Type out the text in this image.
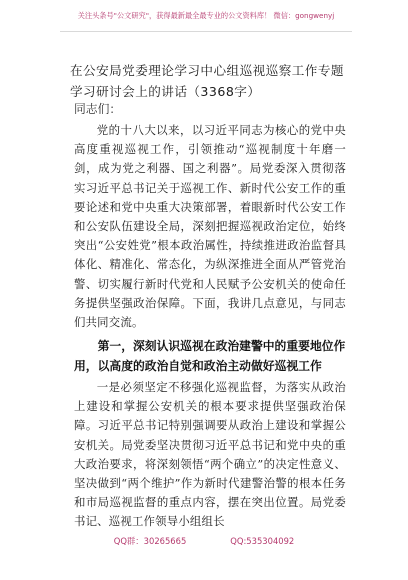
关注头条号"公文研究"，获得最新最全最专业的公文资料库！ 微信：gongwenyj
在公安局党委理论学习中心组巡视巡察工作专题学习研讨会上的讲话（3368字）
同志们：

党的十八大以来，以习近平同志为核心的党中央高度重视巡视工作，引领推动“巡视制度十年磨一剑，成为党之利器、国之利器”。局党委深入贯彻落实习近平总书记关于巡视工作、新时代公安工作的重要论述和党中央重大决策部署，着眼新时代公安工作和公安队伍建设全局，深刻把握巡视政治定位，始终突出“公安姓党”根本政治属性，持续推进政治监督具体化、精准化、常态化，为纵深推进全面从严管党治警、切实履行新时代党和人民赋予公安机关的使命任务提供坚强政治保障。下面，我讲几点意见，与同志们共同交流。

第一，深刻认识巡视在政治建警中的重要地位作用，以高度的政治自觉和政治主动做好巡视工作

一是必须坚定不移强化巡视监督，为落实从政治上建设和掌握公安机关的根本要求提供坚强政治保障。习近平总书记特别强调要从政治上建设和掌握公安机关。局党委坚决贯彻习近平总书记和党中央的重大政治要求，将深刻领悟“两个确立”的决定性意义、坚决做到“两个维护”作为新时代建警治警的根本任务和市局巡视监督的重点内容，摆在突出位置。局党委书记、巡视工作领导小组组长

QQ群：30265665	QQ:535304092
